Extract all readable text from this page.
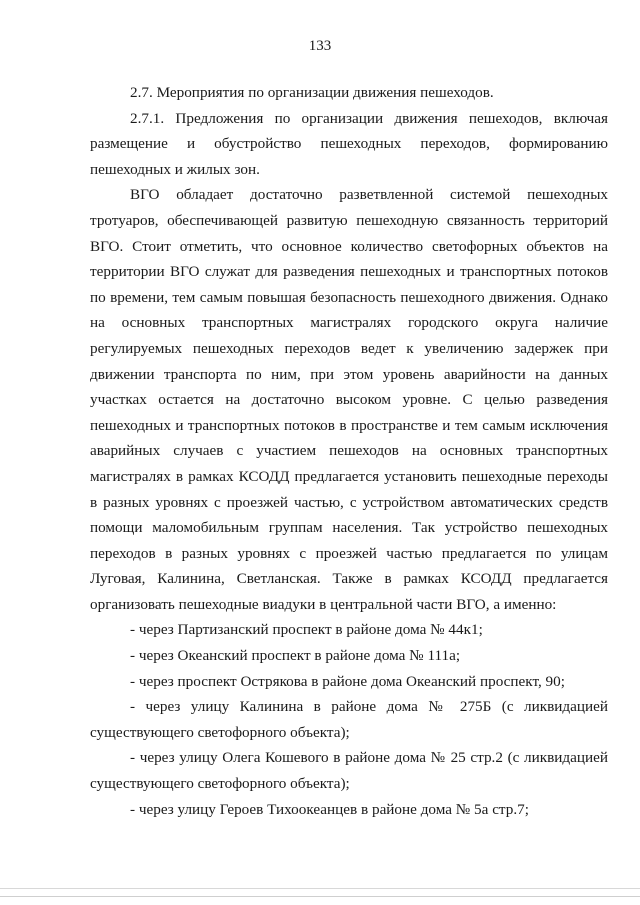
133

2.7. Мероприятия по организации движения пешеходов.

2.7.1. Предложения по организации движения пешеходов, включая размещение и обустройство пешеходных переходов, формированию пешеходных и жилых зон.

ВГО обладает достаточно разветвленной системой пешеходных тротуаров, обеспечивающей развитую пешеходную связанность территорий ВГО. Стоит отметить, что основное количество светофорных объектов на территории ВГО служат для разведения пешеходных и транспортных потоков по времени, тем самым повышая безопасность пешеходного движения. Однако на основных транспортных магистралях городского округа наличие регулируемых пешеходных переходов ведет к увеличению задержек при движении транспорта по ним, при этом уровень аварийности на данных участках остается на достаточно высоком уровне. С целью разведения пешеходных и транспортных потоков в пространстве и тем самым исключения аварийных случаев с участием пешеходов на основных транспортных магистралях в рамках КСОДД предлагается установить пешеходные переходы в разных уровнях с проезжей частью, с устройством автоматических средств помощи маломобильным группам населения. Так устройство пешеходных переходов в разных уровнях с проезжей частью предлагается по улицам Луговая, Калинина, Светланская. Также в рамках КСОДД предлагается организовать пешеходные виадуки в центральной части ВГО, а именно:

- через Партизанский проспект в районе дома № 44к1;
- через Океанский проспект в районе дома № 111а;
- через проспект Острякова в районе дома Океанский проспект, 90;
- через улицу Калинина в районе дома № 275Б (с ликвидацией существующего светофорного объекта);
- через улицу Олега Кошевого в районе дома № 25 стр.2 (с ликвидацией существующего светофорного объекта);
- через улицу Героев Тихоокеанцев в районе дома № 5а стр.7;
